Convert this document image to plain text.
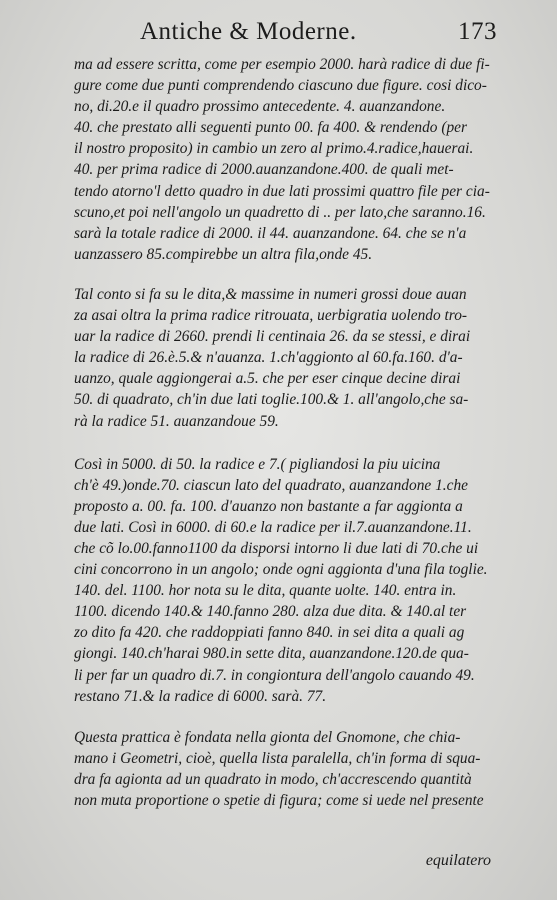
Antiche & Moderne.	173
ma ad essere scritta, come per esempio 2000. harà radice di due fi-
gure come due punti comprendendo ciascuno due figure. cosi dico-
no, di.20.e il quadro prossimo antecedente. 4. auanzandone.
40. che prestato alli seguenti punto 00. fa 400. & rendendo (per
il nostro proposito) in cambio un zero al primo.4.radice,hauerai.
40. per prima radice di 2000.auanzandone.400. de quali met-
tendo atorno'l detto quadro in due lati prossimi quattro file per cia-
scuno,et poi nell'angolo un quadretto di .. per lato,che saranno.16.
sarà la totale radice di 2000. il 44. auanzandone. 64. che se n'a
uanzassero 85.compirebbe un altra fila,onde 45.
Tal conto si fa su le dita,& massime in numeri grossi doue auan
za asai oltra la prima radice ritrouata, uerbigratia uolendo tro-
uar la radice di 2660. prendi li centinaia 26. da se stessi, e dirai
la radice di 26.è.5.& n'auanza. 1.ch'aggionto al 60.fa.160. d'a-
uanzo, quale aggiongerai a.5. che per eser cinque decine dirai
50. di quadrato, ch'in due lati toglie.100.& 1. all'angolo,che sa-
rà la radice 51. auanzandoue 59.
Così in 5000. di 50. la radice e 7.( pigliandosi la piu uicina
ch'è 49.)onde.70. ciascun lato del quadrato, auanzandone 1.che
proposto a. 00. fa. 100. d'auanzo non bastante a far aggionta a
due lati. Così in 6000. di 60.e la radice per il.7.auanzandone.11.
che cõ lo.00.fanno1100 da disporsi intorno li due lati di 70.che ui
cini concorrono in un angolo; onde ogni aggionta d'una fila toglie.
140. del. 1100. hor nota su le dita, quante uolte. 140. entra in.
1100. dicendo 140.& 140.fanno 280. alza due dita. & 140.al ter
zo dito fa 420. che raddoppiati fanno 840. in sei dita a quali ag
giongi. 140.ch'harai 980.in sette dita, auanzandone.120.de qua-
li per far un quadro di.7. in congiontura dell'angolo cauando 49.
restano 71.& la radice di 6000. sarà. 77.
Questa prattica è fondata nella gionta del Gnomone, che chia-
mano i Geometri, cioè, quella lista paralella, ch'in forma di squa-
dra fa agionta ad un quadrato in modo, ch'accrescendo quantità
non muta proportione o spetie di figura; come si uede nel presente
equilatero
